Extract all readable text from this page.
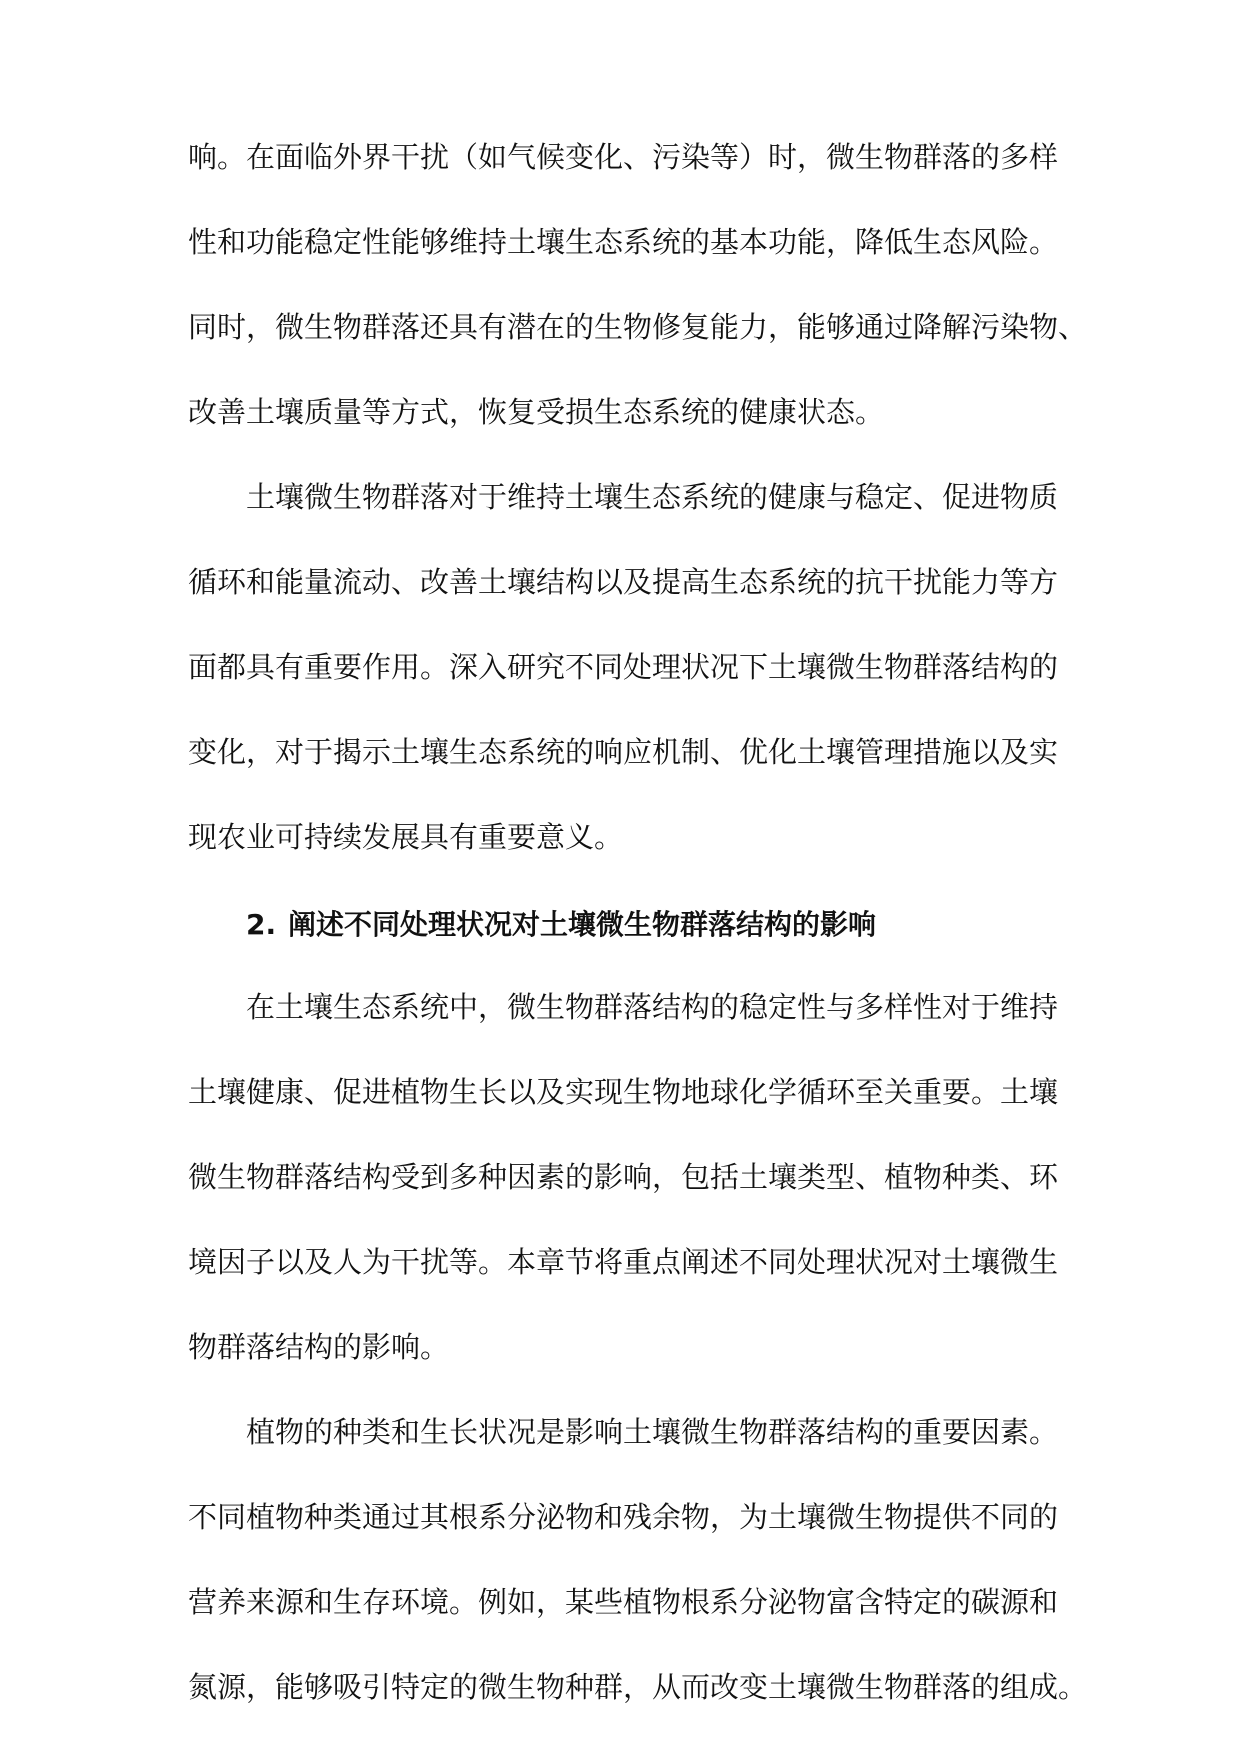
响。在面临外界干扰（如气候变化、污染等）时，微生物群落的多样
性和功能稳定性能够维持土壤生态系统的基本功能，降低生态风险。
同时，微生物群落还具有潜在的生物修复能力，能够通过降解污染物、
改善土壤质量等方式，恢复受损生态系统的健康状态。
土壤微生物群落对于维持土壤生态系统的健康与稳定、促进物质
循环和能量流动、改善土壤结构以及提高生态系统的抗干扰能力等方
面都具有重要作用。深入研究不同处理状况下土壤微生物群落结构的
变化，对于揭示土壤生态系统的响应机制、优化土壤管理措施以及实
现农业可持续发展具有重要意义。
2. 阐述不同处理状况对土壤微生物群落结构的影响
在土壤生态系统中，微生物群落结构的稳定性与多样性对于维持
土壤健康、促进植物生长以及实现生物地球化学循环至关重要。土壤
微生物群落结构受到多种因素的影响，包括土壤类型、植物种类、环
境因子以及人为干扰等。本章节将重点阐述不同处理状况对土壤微生
物群落结构的影响。
植物的种类和生长状况是影响土壤微生物群落结构的重要因素。
不同植物种类通过其根系分泌物和残余物，为土壤微生物提供不同的
营养来源和生存环境。例如，某些植物根系分泌物富含特定的碳源和
氮源，能够吸引特定的微生物种群，从而改变土壤微生物群落的组成。
